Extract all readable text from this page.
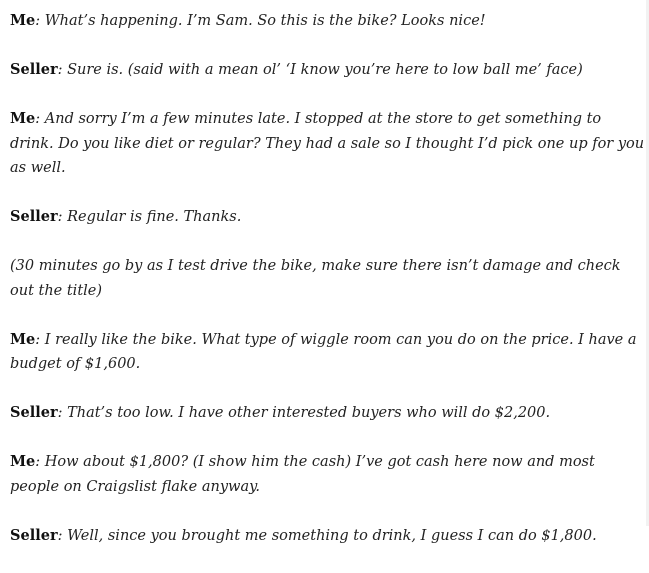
Me: What’s happening. I’m Sam. So this is the bike? Looks nice!

Seller: Sure is. (said with a mean ol’ ‘I know you’re here to low ball me’ face)

Me: And sorry I’m a few minutes late. I stopped at the store to get something to drink. Do you like diet or regular? They had a sale so I thought I’d pick one up for you as well.

Seller: Regular is fine. Thanks.

(30 minutes go by as I test drive the bike, make sure there isn’t damage and check out the title)

Me: I really like the bike. What type of wiggle room can you do on the price. I have a budget of $1,600.

Seller: That’s too low. I have other interested buyers who will do $2,200.

Me: How about $1,800? (I show him the cash) I’ve got cash here now and most people on Craigslist flake anyway.

Seller: Well, since you brought me something to drink, I guess I can do $1,800.
